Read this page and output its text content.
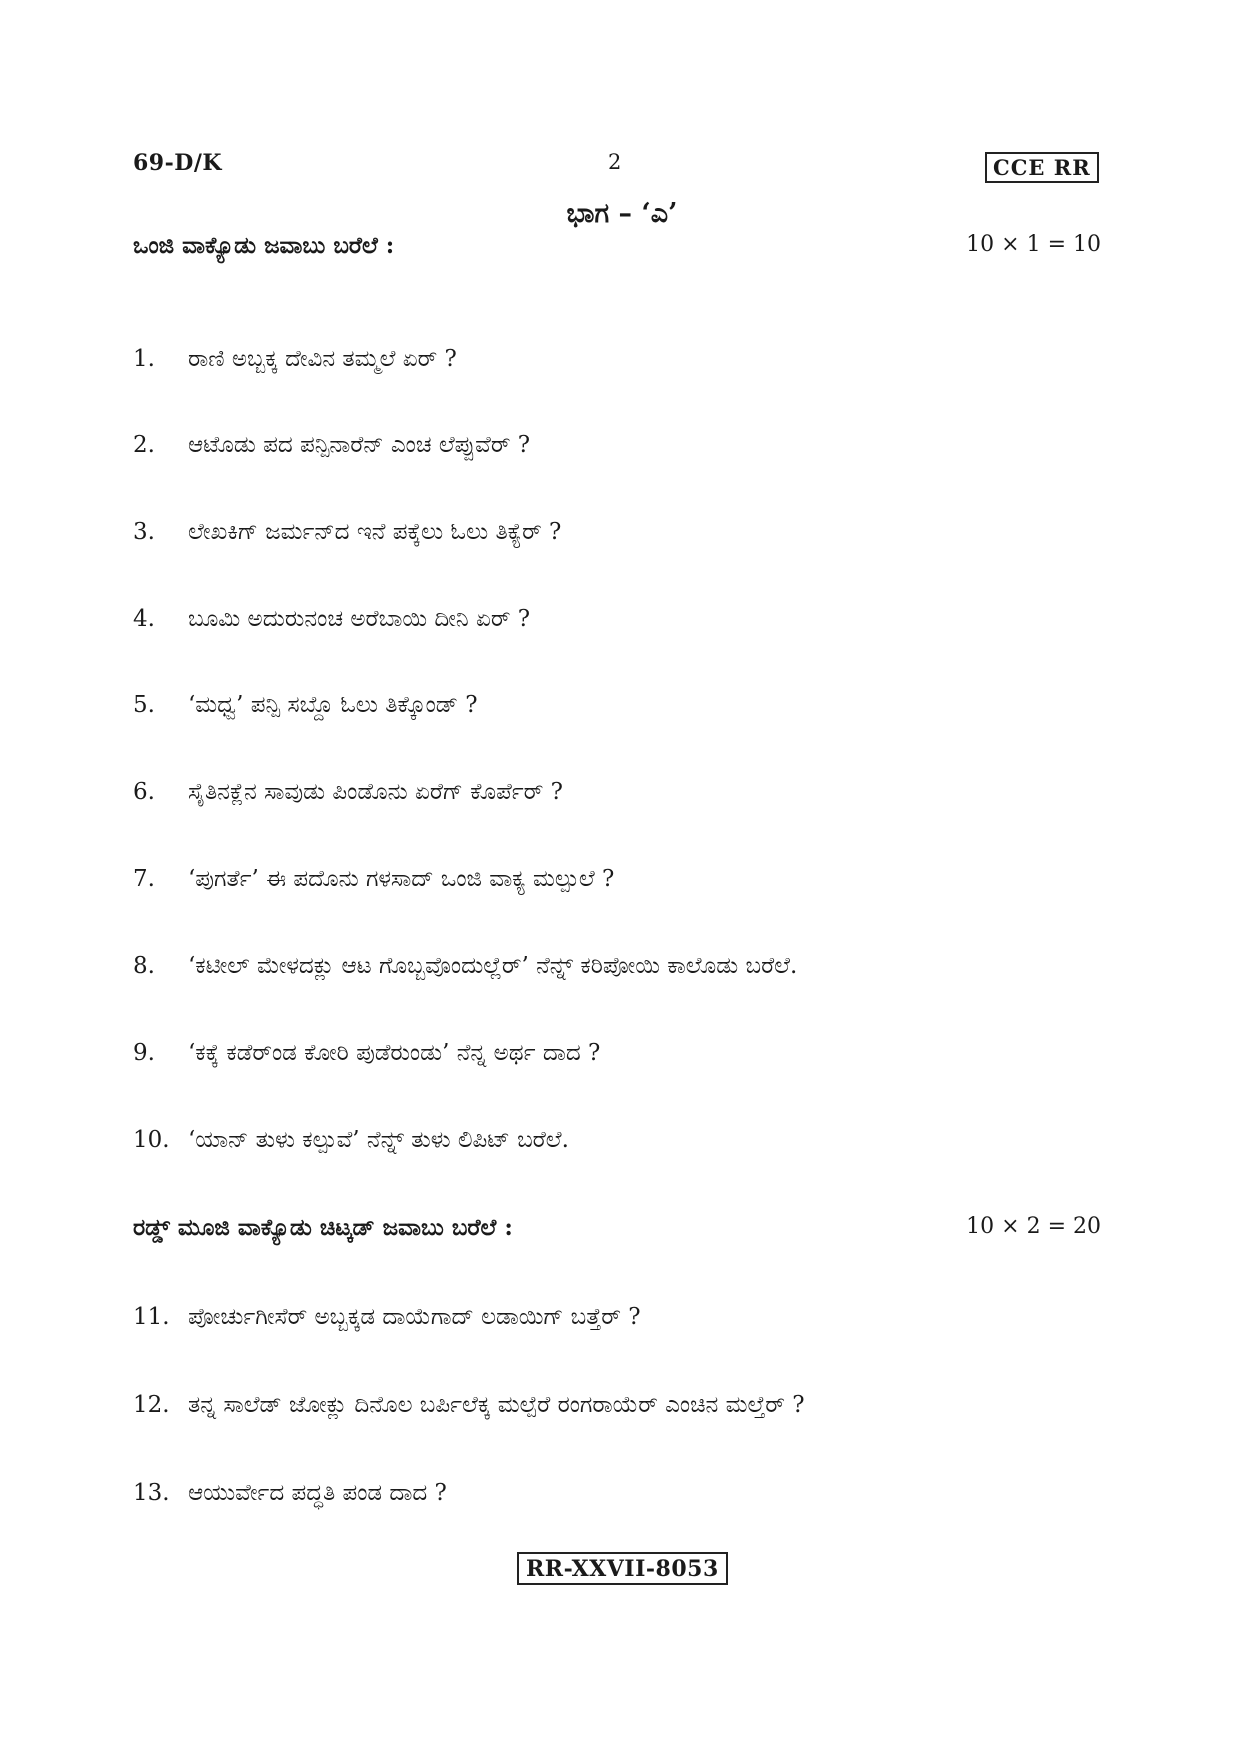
69-D/K	2	CCE RR
ಭಾಗ – ‘ಎ’
ಒಂಜಿ ವಾಕ್ಯೊಡು ಜವಾಬು ಬರೆಲೆ :	10 × 1 = 10
1. ರಾಣಿ ಅಬ್ಬಕ್ಕ ದೇವಿನ ತಮ್ಮಲೆ ಏರ್ ?
2. ಆಟೊಡು ಪದ ಪನ್ಪಿನಾರೆನ್ ಎಂಚ ಲೆಪ್ಪುವೆರ್ ?
3. ಲೇಖಕಿಗ್ ಜರ್ಮನ್‌ದ ಇನೆ ಪಕ್ಕೆಲು ಓಲು ತಿಕ್ಯೆರ್ ?
4. ಬೂಮಿ ಅದುರುನಂಚ ಅರೆಬಾಯಿ ದೀನಿ ಏರ್ ?
5. ‘ಮಧ್ವ’ ಪನ್ಪಿ ಸಬ್ದೊ ಓಲು ತಿಕ್ಕೊಂಡ್ ?
6. ಸೈತಿನಕ್ಲೆನ ಸಾವುಡು ಪಿಂಡೊನು ಏರೆಗ್ ಕೊರ್ಪೆರ್ ?
7. ‘ಪುಗರ್ತೆ’ ಈ ಪದೊನು ಗಳಸಾದ್ ಒಂಜಿ ವಾಕ್ಯ ಮಲ್ಪುಲೆ ?
8. ‘ಕಟೀಲ್ ಮೇಳದಕ್ಲು ಆಟ ಗೊಬ್ಬವೊಂದುಲ್ಲೆರ್’ ನೆನ್ನ್ ಕರಿಪೋಯಿ ಕಾಲೊಡು ಬರೆಲೆ.
9. ‘ಕಕ್ಕೆ ಕಡೆರ್‌ಂಡ ಕೋರಿ ಪುಡೆರುಂಡು’ ನೆನ್ನ ಅರ್ಥ ದಾದ ?
10. ‘ಯಾನ್ ತುಳು ಕಲ್ಪುವೆ’ ನೆನ್ನ್ ತುಳು ಲಿಪಿಟ್ ಬರೆಲೆ.
ರಡ್ಡ್ ಮೂಜಿ ವಾಕ್ಯೊಡು ಚಿಟ್ಕಡ್ ಜವಾಬು ಬರೆಲೆ :	10 × 2 = 20
11. ಪೋರ್ಚುಗೀಸೆರ್ ಅಬ್ಬಕ್ಕಡ ದಾಯೆಗಾದ್ ಲಡಾಯಿಗ್ ಬತ್ತೆರ್ ?
12. ತನ್ನ ಸಾಲೆಡ್ ಜೋಕ್ಲು ದಿನೊಲ ಬರ್ಪಿಲೆಕ್ಕ ಮಲ್ಪೆರೆ ರಂಗರಾಯೆರ್ ಎಂಚಿನ ಮಲ್ತೆರ್ ?
13. ಆಯುರ್ವೇದ ಪದ್ಧತಿ ಪಂಡ ದಾದ ?
RR-XXVII-8053
